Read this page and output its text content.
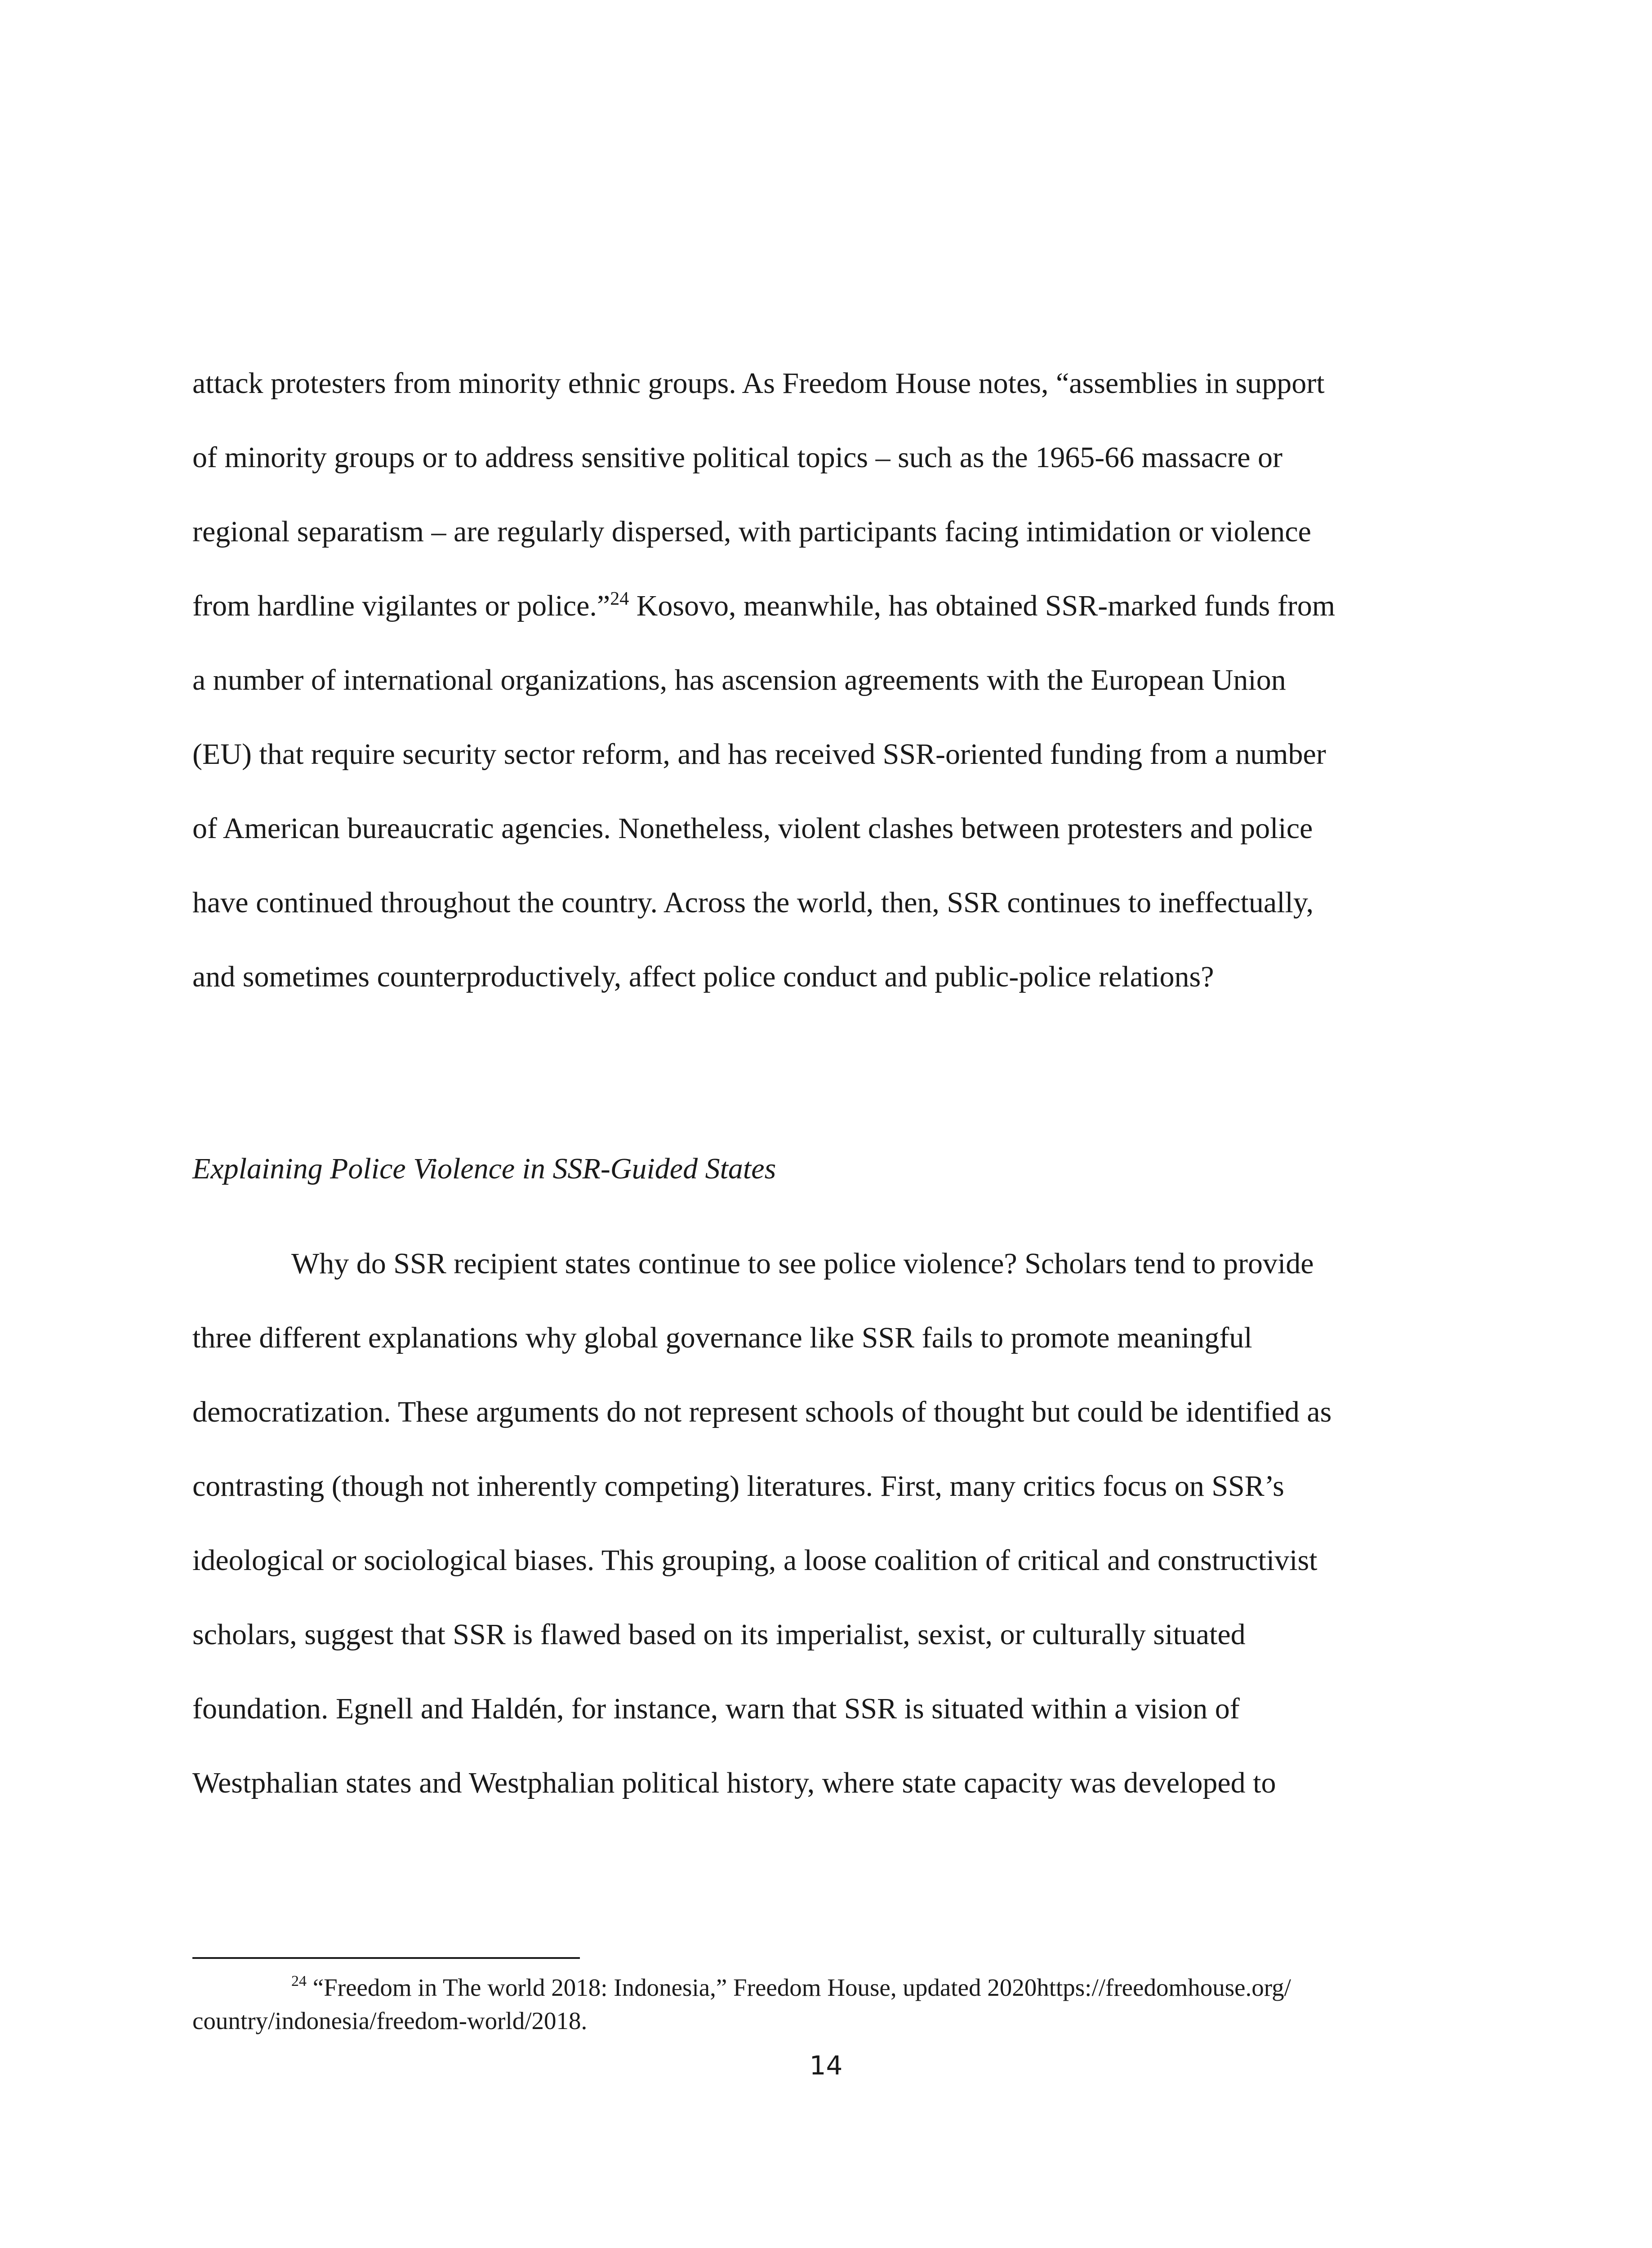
attack protesters from minority ethnic groups. As Freedom House notes, “assemblies in support
of minority groups or to address sensitive political topics – such as the 1965-66 massacre or
regional separatism – are regularly dispersed, with participants facing intimidation or violence
from hardline vigilantes or police.”$^{24}$ Kosovo, meanwhile, has obtained SSR-marked funds from
a number of international organizations, has ascension agreements with the European Union
(EU) that require security sector reform, and has received SSR-oriented funding from a number
of American bureaucratic agencies. Nonetheless, violent clashes between protesters and police
have continued throughout the country. Across the world, then, SSR continues to ineffectually,
and sometimes counterproductively, affect police conduct and public-police relations?
Explaining Police Violence in SSR-Guided States
Why do SSR recipient states continue to see police violence? Scholars tend to provide
three different explanations why global governance like SSR fails to promote meaningful
democratization. These arguments do not represent schools of thought but could be identified as
contrasting (though not inherently competing) literatures. First, many critics focus on SSR’s
ideological or sociological biases. This grouping, a loose coalition of critical and constructivist
scholars, suggest that SSR is flawed based on its imperialist, sexist, or culturally situated
foundation. Egnell and Haldén, for instance, warn that SSR is situated within a vision of
Westphalian states and Westphalian political history, where state capacity was developed to
$^{24}$ “Freedom in The world 2018: Indonesia,” Freedom House, updated 2020https://freedomhouse.org/
country/indonesia/freedom-world/2018.
14
